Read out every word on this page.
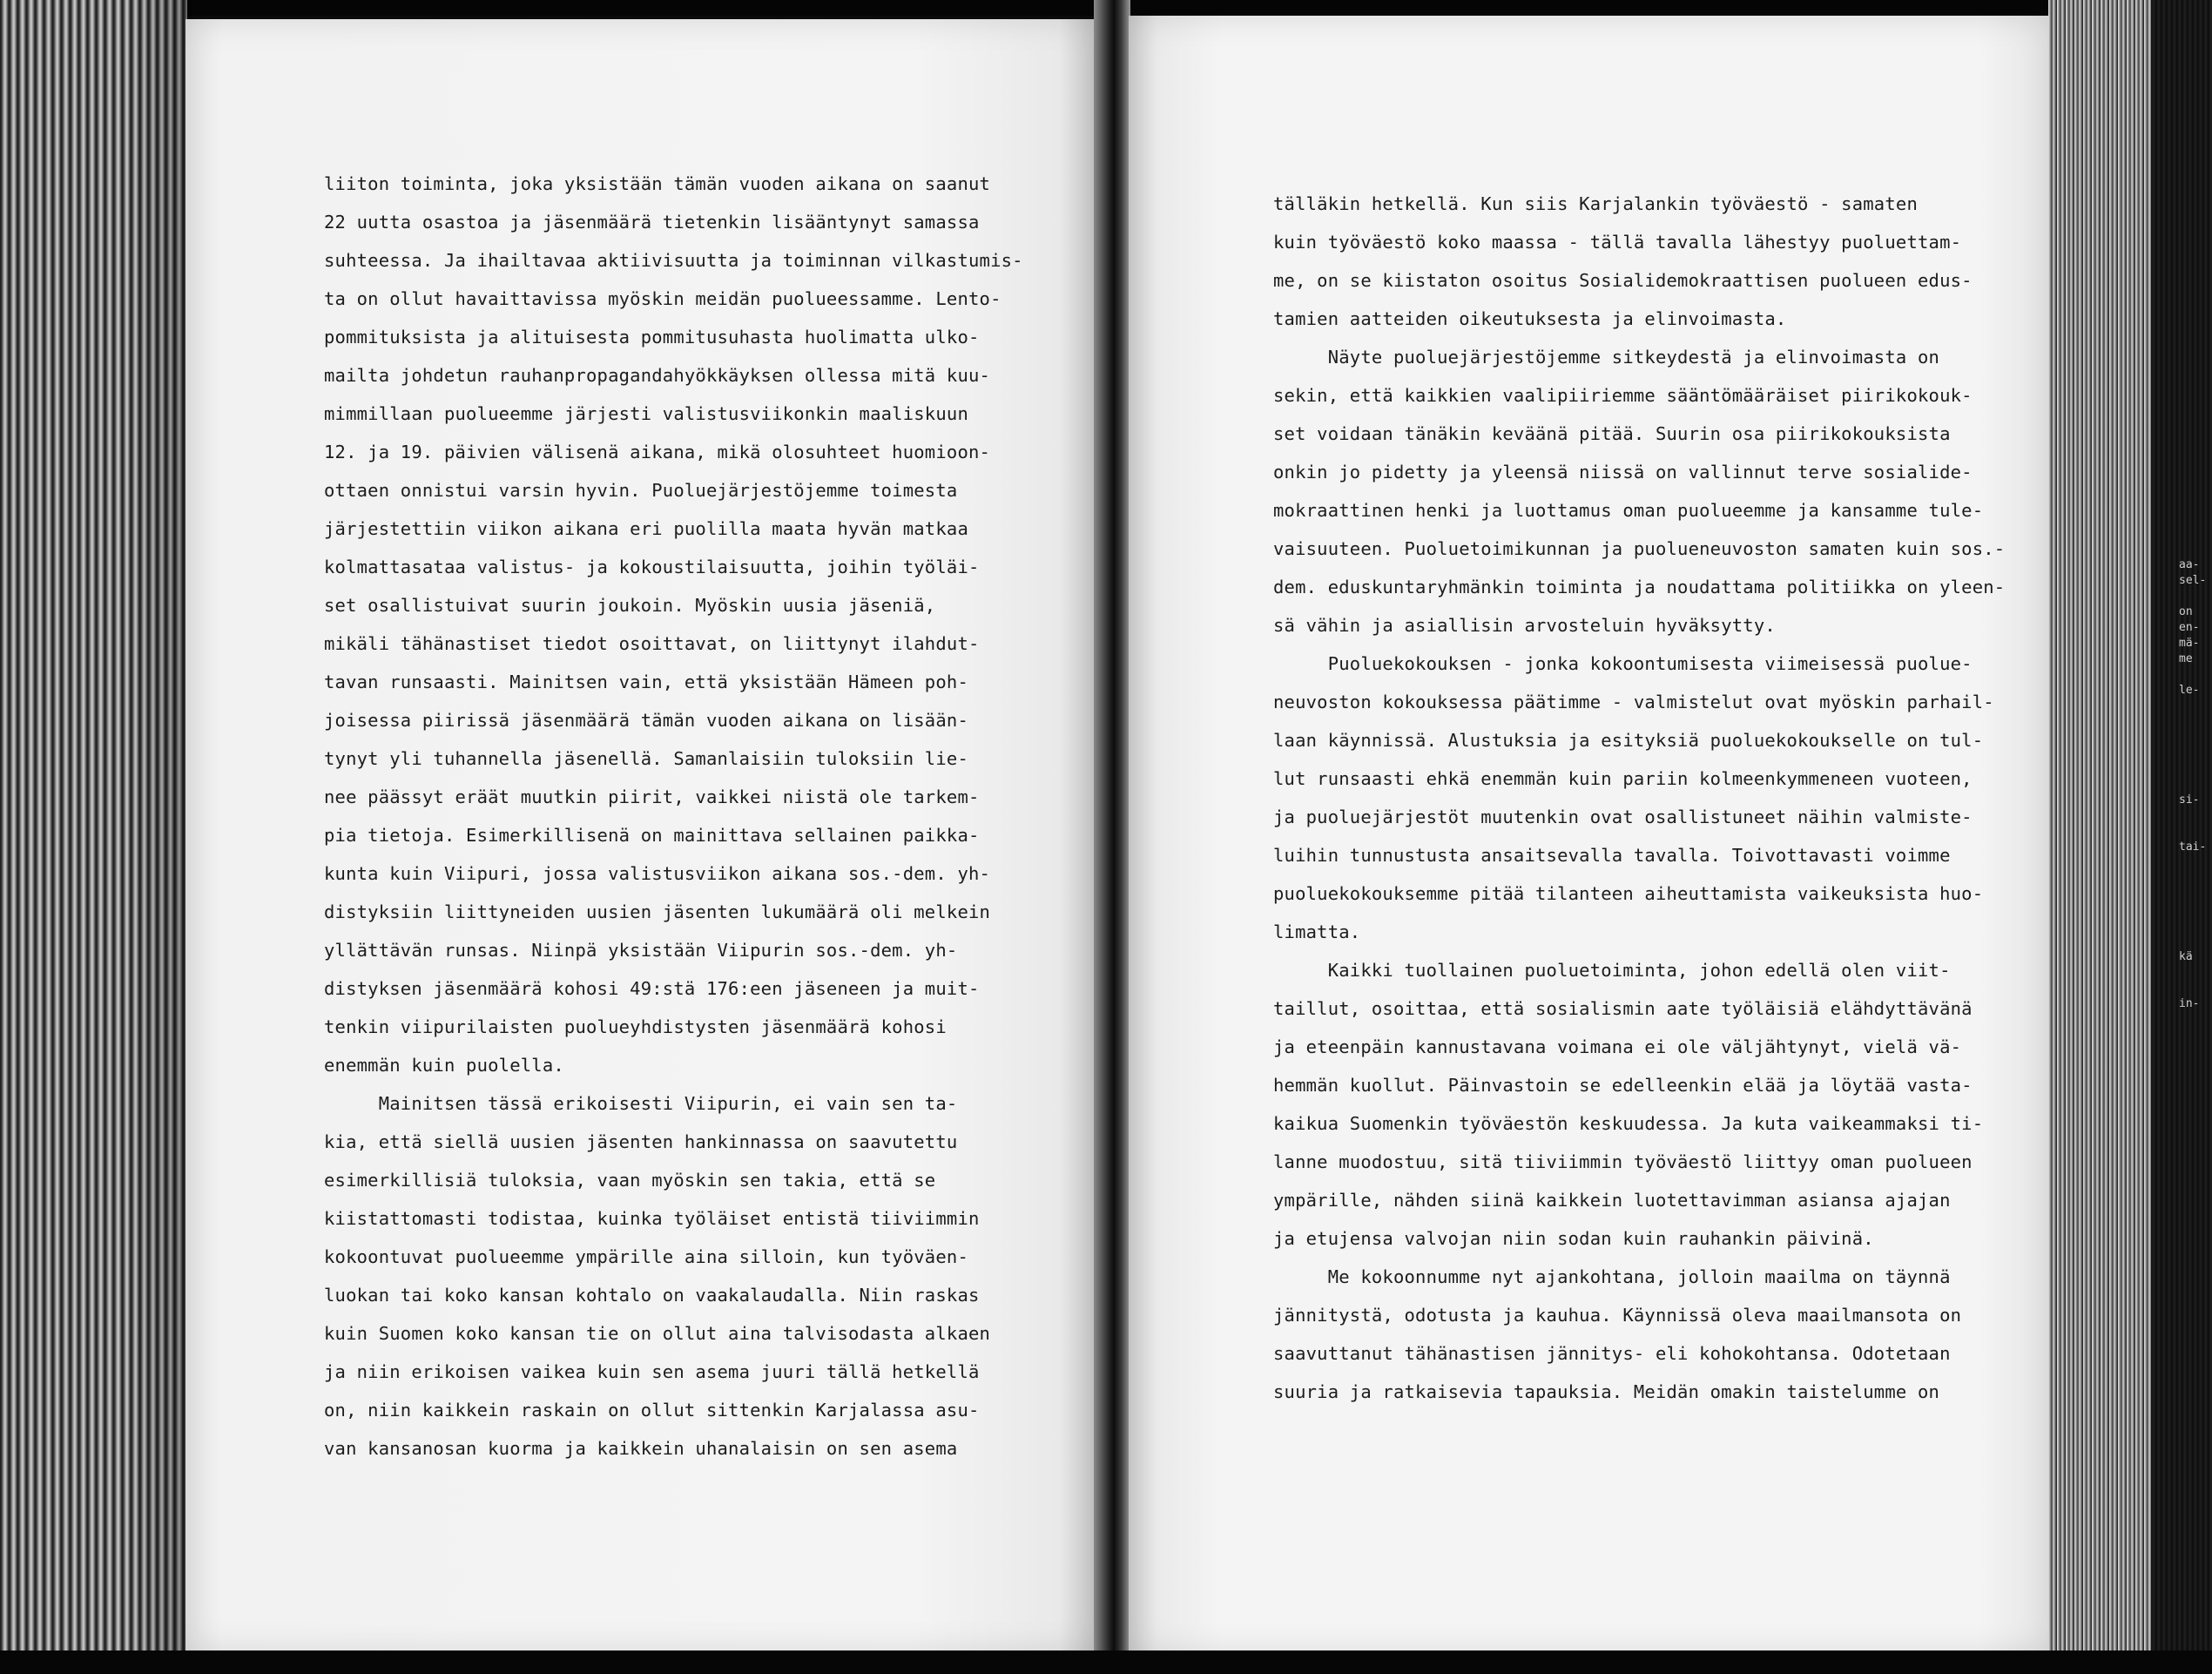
aa-
sel-

on
en-
mä-
me

le-

si-

tai-

kä

in-
liiton toiminta, joka yksistään tämän vuoden aikana on saanut
22 uutta osastoa ja jäsenmäärä tietenkin lisääntynyt samassa
suhteessa. Ja ihailtavaa aktiivisuutta ja toiminnan vilkastumis-
ta on ollut havaittavissa myöskin meidän puolueessamme. Lento-
pommituksista ja alituisesta pommitusuhasta huolimatta ulko-
mailta johdetun rauhanpropagandahyökkäyksen ollessa mitä kuu-
mimmillaan puolueemme järjesti valistusviikonkin maaliskuun
12. ja 19. päivien välisenä aikana, mikä olosuhteet huomioon-
ottaen onnistui varsin hyvin. Puoluejärjestöjemme toimesta
järjestettiin viikon aikana eri puolilla maata hyvän matkaa
kolmattasataa valistus- ja kokoustilaisuutta, joihin työläi-
set osallistuivat suurin joukoin. Myöskin uusia jäseniä,
mikäli tähänastiset tiedot osoittavat, on liittynyt ilahdut-
tavan runsaasti. Mainitsen vain, että yksistään Hämeen poh-
joisessa piirissä jäsenmäärä tämän vuoden aikana on lisään-
tynyt yli tuhannella jäsenellä. Samanlaisiin tuloksiin lie-
nee päässyt eräät muutkin piirit, vaikkei niistä ole tarkem-
pia tietoja. Esimerkillisenä on mainittava sellainen paikka-
kunta kuin Viipuri, jossa valistusviikon aikana sos.-dem. yh-
distyksiin liittyneiden uusien jäsenten lukumäärä oli melkein
yllättävän runsas. Niinpä yksistään Viipurin sos.-dem. yh-
distyksen jäsenmäärä kohosi 49:stä 176:een jäseneen ja muit-
tenkin viipurilaisten puolueyhdistysten jäsenmäärä kohosi
enemmän kuin puolella.
Mainitsen tässä erikoisesti Viipurin, ei vain sen ta-
kia, että siellä uusien jäsenten hankinnassa on saavutettu
esimerkillisiä tuloksia, vaan myöskin sen takia, että se
kiistattomasti todistaa, kuinka työläiset entistä tiiviimmin
kokoontuvat puolueemme ympärille aina silloin, kun työväen-
luokan tai koko kansan kohtalo on vaakalaudalla. Niin raskas
kuin Suomen koko kansan tie on ollut aina talvisodasta alkaen
ja niin erikoisen vaikea kuin sen asema juuri tällä hetkellä
on, niin kaikkein raskain on ollut sittenkin Karjalassa asu-
van kansanosan kuorma ja kaikkein uhanalaisin on sen asema
tälläkin hetkellä. Kun siis Karjalankin työväestö - samaten
kuin työväestö koko maassa - tällä tavalla lähestyy puoluettam-
me, on se kiistaton osoitus Sosialidemokraattisen puolueen edus-
tamien aatteiden oikeutuksesta ja elinvoimasta.
Näyte puoluejärjestöjemme sitkeydestä ja elinvoimasta on
sekin, että kaikkien vaalipiiriemme sääntömääräiset piirikokouk-
set voidaan tänäkin keväänä pitää. Suurin osa piirikokouksista
onkin jo pidetty ja yleensä niissä on vallinnut terve sosialide-
mokraattinen henki ja luottamus oman puolueemme ja kansamme tule-
vaisuuteen. Puoluetoimikunnan ja puolueneuvoston samaten kuin sos.-
dem. eduskuntaryhmänkin toiminta ja noudattama politiikka on yleen-
sä vähin ja asiallisin arvosteluin hyväksytty.
Puoluekokouksen - jonka kokoontumisesta viimeisessä puolue-
neuvoston kokouksessa päätimme - valmistelut ovat myöskin parhail-
laan käynnissä. Alustuksia ja esityksiä puoluekokoukselle on tul-
lut runsaasti ehkä enemmän kuin pariin kolmeenkymmeneen vuoteen,
ja puoluejärjestöt muutenkin ovat osallistuneet näihin valmiste-
luihin tunnustusta ansaitsevalla tavalla. Toivottavasti voimme
puoluekokouksemme pitää tilanteen aiheuttamista vaikeuksista huo-
limatta.
Kaikki tuollainen puoluetoiminta, johon edellä olen viit-
taillut, osoittaa, että sosialismin aate työläisiä elähdyttävänä
ja eteenpäin kannustavana voimana ei ole väljähtynyt, vielä vä-
hemmän kuollut. Päinvastoin se edelleenkin elää ja löytää vasta-
kaikua Suomenkin työväestön keskuudessa. Ja kuta vaikeammaksi ti-
lanne muodostuu, sitä tiiviimmin työväestö liittyy oman puolueen
ympärille, nähden siinä kaikkein luotettavimman asiansa ajajan
ja etujensa valvojan niin sodan kuin rauhankin päivinä.
Me kokoonnumme nyt ajankohtana, jolloin maailma on täynnä
jännitystä, odotusta ja kauhua. Käynnissä oleva maailmansota on
saavuttanut tähänastisen jännitys- eli kohokohtansa. Odotetaan
suuria ja ratkaisevia tapauksia. Meidän omakin taistelumme on
